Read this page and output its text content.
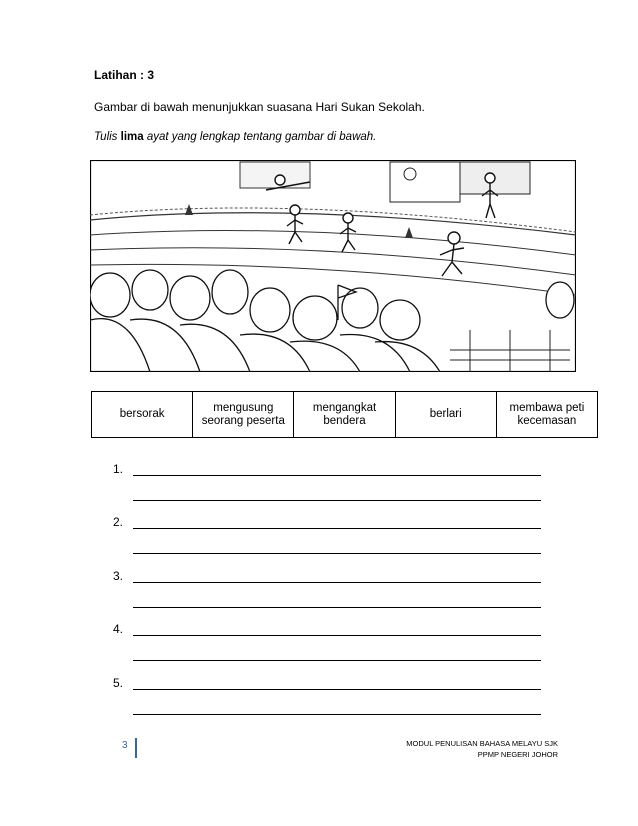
Latihan : 3
Gambar di bawah menunjukkan suasana Hari Sukan Sekolah.
Tulis lima ayat yang lengkap tentang gambar di bawah.
bersorak
mengusung
seorang peserta
mengangkat
bendera
berlari
membawa peti
kecemasan
1.
2.
3.
4.
5.
3	MODUL PENULISAN BAHASA MELAYU SJK
PPMP NEGERI JOHOR
